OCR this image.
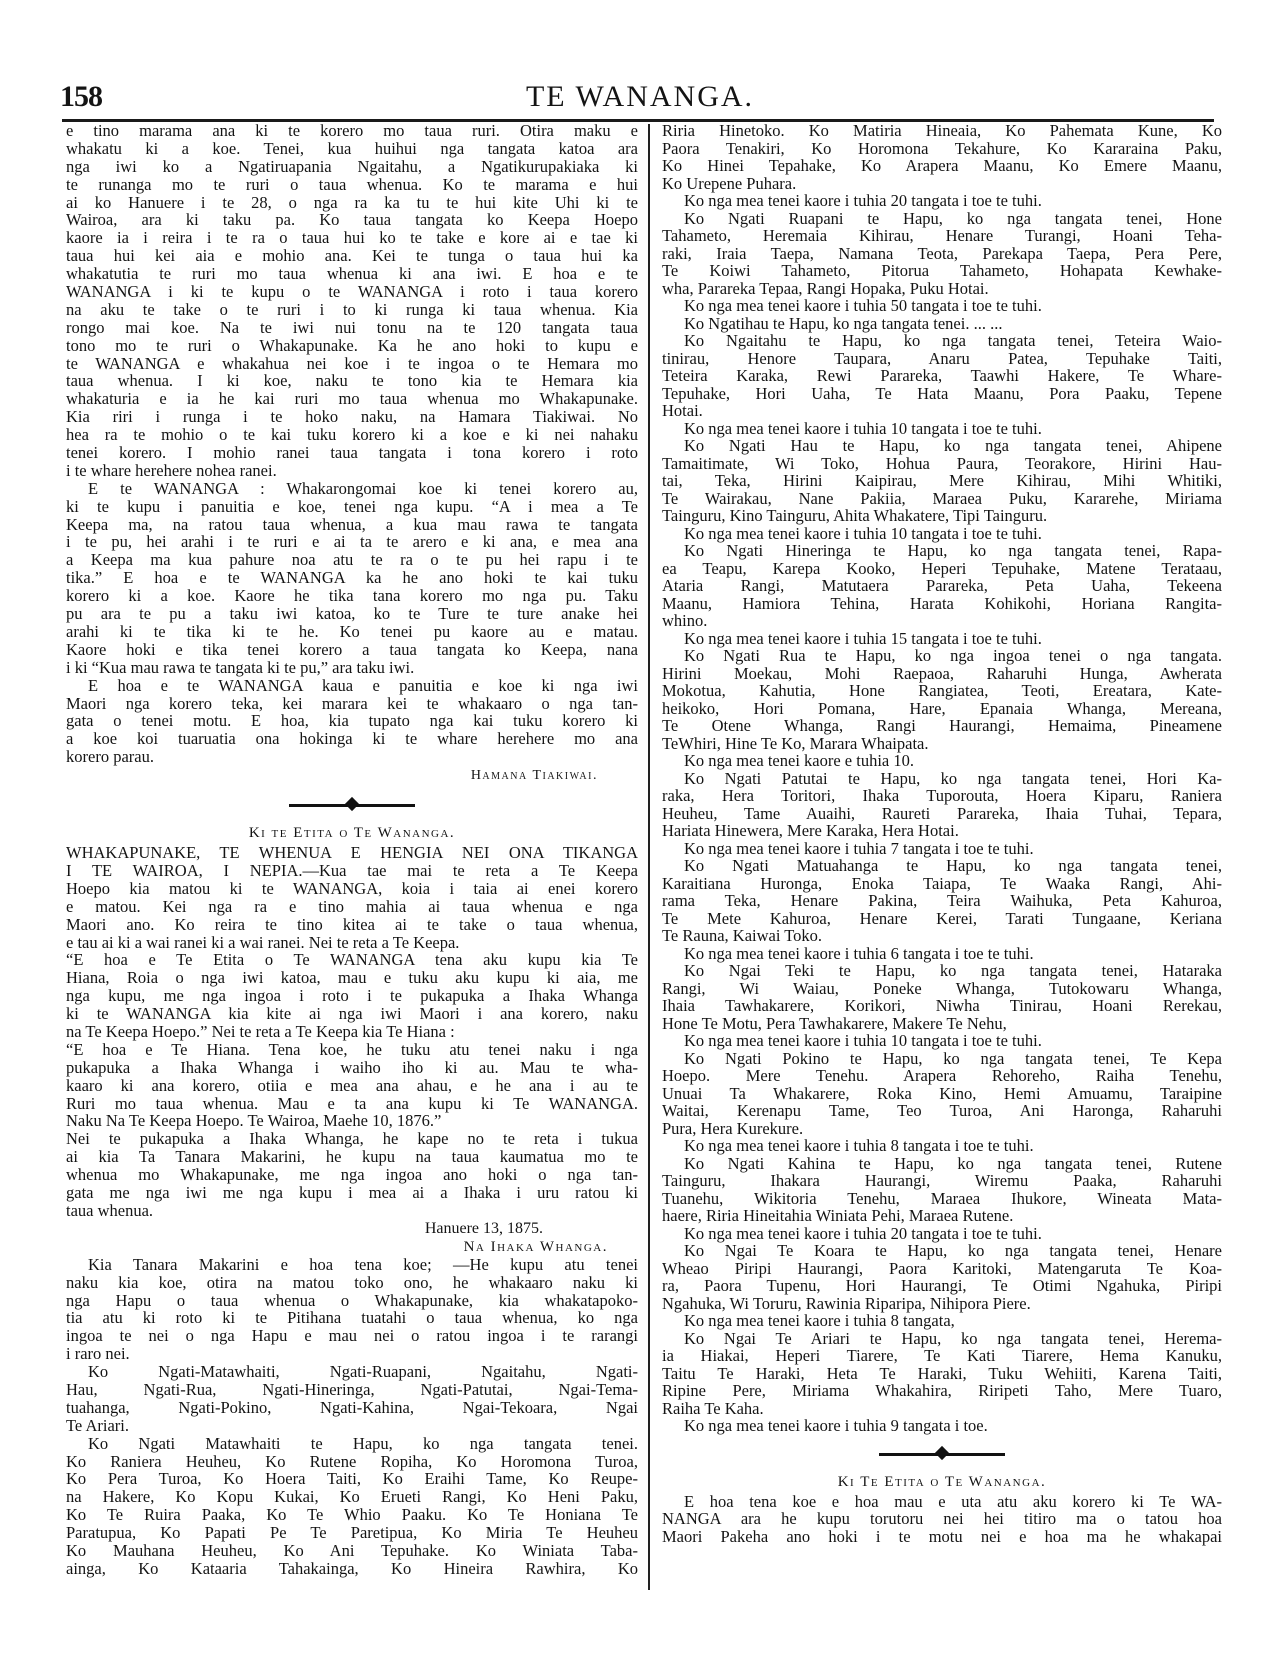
158	TE WANANGA.
e tino marama ana ki te korero mo taua ruri. Otira maku e
whakatu ki a koe. Tenei, kua huihui nga tangata katoa ara
nga iwi ko a Ngatiruapania Ngaitahu, a Ngatikurupakiaka ki
te runanga mo te ruri o taua whenua. Ko te marama e hui
ai ko Hanuere i te 28, o nga ra ka tu te hui kite Uhi ki te
Wairoa, ara ki taku pa. Ko taua tangata ko Keepa Hoepo
kaore ia i reira i te ra o taua hui ko te take e kore ai e tae ki
taua hui kei aia e mohio ana. Kei te tunga o taua hui ka
whakatutia te ruri mo taua whenua ki ana iwi. E hoa e te
WANANGA i ki te kupu o te WANANGA i roto i taua korero
na aku te take o te ruri i to ki runga ki taua whenua. Kia
rongo mai koe. Na te iwi nui tonu na te 120 tangata taua
tono mo te ruri o Whakapunake. Ka he ano hoki to kupu e
te WANANGA e whakahua nei koe i te ingoa o te Hemara mo
taua whenua. I ki koe, naku te tono kia te Hemara kia
whakaturia e ia he kai ruri mo taua whenua mo Whakapunake.
Kia riri i runga i te hoko naku, na Hamara Tiakiwai. No
hea ra te mohio o te kai tuku korero ki a koe e ki nei nahaku
tenei korero. I mohio ranei taua tangata i tona korero i roto
i te whare herehere nohea ranei.
E te WANANGA : Whakarongomai koe ki tenei korero au,
ki te kupu i panuitia e koe, tenei nga kupu. “A i mea a Te
Keepa ma, na ratou taua whenua, a kua mau rawa te tangata
i te pu, hei arahi i te ruri e ai ta te arero e ki ana, e mea ana
a Keepa ma kua pahure noa atu te ra o te pu hei rapu i te
tika.” E hoa e te WANANGA ka he ano hoki te kai tuku
korero ki a koe. Kaore he tika tana korero mo nga pu. Taku
pu ara te pu a taku iwi katoa, ko te Ture te ture anake hei
arahi ki te tika ki te he. Ko tenei pu kaore au e matau.
Kaore hoki e tika tenei korero a taua tangata ko Keepa, nana
i ki “Kua mau rawa te tangata ki te pu,” ara taku iwi.
E hoa e te WANANGA kaua e panuitia e koe ki nga iwi
Maori nga korero teka, kei marara kei te whakaaro o nga tan-
gata o tenei motu. E hoa, kia tupato nga kai tuku korero ki
a koe koi tuaruatia ona hokinga ki te whare herehere mo ana
korero parau.
Hamana Tiakiwai.
Ki te Etita o Te Wananga.
WHAKAPUNAKE, TE WHENUA E HENGIA NEI ONA TIKANGA
I TE WAIROA, I NEPIA.—Kua tae mai te reta a Te Keepa
Hoepo kia matou ki te WANANGA, koia i taia ai enei korero
e matou. Kei nga ra e tino mahia ai taua whenua e nga
Maori ano. Ko reira te tino kitea ai te take o taua whenua,
e tau ai ki a wai ranei ki a wai ranei. Nei te reta a Te Keepa.
“E hoa e Te Etita o Te WANANGA tena aku kupu kia Te
Hiana, Roia o nga iwi katoa, mau e tuku aku kupu ki aia, me
nga kupu, me nga ingoa i roto i te pukapuka a Ihaka Whanga
ki te WANANGA kia kite ai nga iwi Maori i ana korero, naku
na Te Keepa Hoepo.” Nei te reta a Te Keepa kia Te Hiana :
“E hoa e Te Hiana. Tena koe, he tuku atu tenei naku i nga
pukapuka a Ihaka Whanga i waiho iho ki au. Mau te wha-
kaaro ki ana korero, otiia e mea ana ahau, e he ana i au te
Ruri mo taua whenua. Mau e ta ana kupu ki Te WANANGA.
Naku Na Te Keepa Hoepo. Te Wairoa, Maehe 10, 1876.”
Nei te pukapuka a Ihaka Whanga, he kape no te reta i tukua
ai kia Ta Tanara Makarini, he kupu na taua kaumatua mo te
whenua mo Whakapunake, me nga ingoa ano hoki o nga tan-
gata me nga iwi me nga kupu i mea ai a Ihaka i uru ratou ki
taua whenua.
Hanuere 13, 1875.
Na Ihaka Whanga.
Kia Tanara Makarini e hoa tena koe; —He kupu atu tenei
naku kia koe, otira na matou toko ono, he whakaaro naku ki
nga Hapu o taua whenua o Whakapunake, kia whakatapoko-
tia atu ki roto ki te Pitihana tuatahi o taua whenua, ko nga
ingoa te nei o nga Hapu e mau nei o ratou ingoa i te rarangi
i raro nei.
Ko Ngati-Matawhaiti, Ngati-Ruapani, Ngaitahu, Ngati-
Hau, Ngati-Rua, Ngati-Hineringa, Ngati-Patutai, Ngai-Tema-
tuahanga, Ngati-Pokino, Ngati-Kahina, Ngai-Tekoara, Ngai
Te Ariari.
Ko Ngati Matawhaiti te Hapu, ko nga tangata tenei.
Ko Raniera Heuheu, Ko Rutene Ropiha, Ko Horomona Turoa,
Ko Pera Turoa, Ko Hoera Taiti, Ko Eraihi Tame, Ko Reupe-
na Hakere, Ko Kopu Kukai, Ko Erueti Rangi, Ko Heni Paku,
Ko Te Ruira Paaka, Ko Te Whio Paaku. Ko Te Honiana Te
Paratupua, Ko Papati Pe Te Paretipua, Ko Miria Te Heuheu
Ko Mauhana Heuheu, Ko Ani Tepuhake. Ko Winiata Taba-
ainga, Ko Kataaria Tahakainga, Ko Hineira Rawhira, Ko
Riria Hinetoko. Ko Matiria Hineaia, Ko Pahemata Kune, Ko
Paora Tenakiri, Ko Horomona Tekahure, Ko Kararaina Paku,
Ko Hinei Tepahake, Ko Arapera Maanu, Ko Emere Maanu,
Ko Urepene Puhara.
Ko nga mea tenei kaore i tuhia 20 tangata i toe te tuhi.
Ko Ngati Ruapani te Hapu, ko nga tangata tenei, Hone
Tahameto, Heremaia Kihirau, Henare Turangi, Hoani Teha-
raki, Iraia Taepa, Namana Teota, Parekapa Taepa, Pera Pere,
Te Koiwi Tahameto, Pitorua Tahameto, Hohapata Kewhake-
wha, Parareka Tepaa, Rangi Hopaka, Puku Hotai.
Ko nga mea tenei kaore i tuhia 50 tangata i toe te tuhi.
Ko Ngatihau te Hapu, ko nga tangata tenei. ... ...
Ko Ngaitahu te Hapu, ko nga tangata tenei, Teteira Waio-
tinirau, Henore Taupara, Anaru Patea, Tepuhake Taiti,
Teteira Karaka, Rewi Parareka, Taawhi Hakere, Te Whare-
Tepuhake, Hori Uaha, Te Hata Maanu, Pora Paaku, Tepene
Hotai.
Ko nga mea tenei kaore i tuhia 10 tangata i toe te tuhi.
Ko Ngati Hau te Hapu, ko nga tangata tenei, Ahipene
Tamaitimate, Wi Toko, Hohua Paura, Teorakore, Hirini Hau-
tai, Teka, Hirini Kaipirau, Mere Kihirau, Mihi Whitiki,
Te Wairakau, Nane Pakiia, Maraea Puku, Kararehe, Miriama
Tainguru, Kino Tainguru, Ahita Whakatere, Tipi Tainguru.
Ko nga mea tenei kaore i tuhia 10 tangata i toe te tuhi.
Ko Ngati Hineringa te Hapu, ko nga tangata tenei, Rapa-
ea Teapu, Karepa Kooko, Heperi Tepuhake, Matene Terataau,
Ataria Rangi, Matutaera Parareka, Peta Uaha, Tekeena
Maanu, Hamiora Tehina, Harata Kohikohi, Horiana Rangita-
whino.
Ko nga mea tenei kaore i tuhia 15 tangata i toe te tuhi.
Ko Ngati Rua te Hapu, ko nga ingoa tenei o nga tangata.
Hirini Moekau, Mohi Raepaoa, Raharuhi Hunga, Awherata
Mokotua, Kahutia, Hone Rangiatea, Teoti, Ereatara, Kate-
heikoko, Hori Pomana, Hare, Epanaia Whanga, Mereana,
Te Otene Whanga, Rangi Haurangi, Hemaima, Pineamene
TeWhiri, Hine Te Ko, Marara Whaipata.
Ko nga mea tenei kaore e tuhia 10.
Ko Ngati Patutai te Hapu, ko nga tangata tenei, Hori Ka-
raka, Hera Toritori, Ihaka Tuporouta, Hoera Kiparu, Raniera
Heuheu, Tame Auaihi, Raureti Parareka, Ihaia Tuhai, Tepara,
Hariata Hinewera, Mere Karaka, Hera Hotai.
Ko nga mea tenei kaore i tuhia 7 tangata i toe te tuhi.
Ko Ngati Matuahanga te Hapu, ko nga tangata tenei,
Karaitiana Huronga, Enoka Taiapa, Te Waaka Rangi, Ahi-
rama Teka, Henare Pakina, Teira Waihuka, Peta Kahuroa,
Te Mete Kahuroa, Henare Kerei, Tarati Tungaane, Keriana
Te Rauna, Kaiwai Toko.
Ko nga mea tenei kaore i tuhia 6 tangata i toe te tuhi.
Ko Ngai Teki te Hapu, ko nga tangata tenei, Hataraka
Rangi, Wi Waiau, Poneke Whanga, Tutokowaru Whanga,
Ihaia Tawhakarere, Korikori, Niwha Tinirau, Hoani Rerekau,
Hone Te Motu, Pera Tawhakarere, Makere Te Nehu,
Ko nga mea tenei kaore i tuhia 10 tangata i toe te tuhi.
Ko Ngati Pokino te Hapu, ko nga tangata tenei, Te Kepa
Hoepo. Mere Tenehu. Arapera Rehoreho, Raiha Tenehu,
Unuai Ta Whakarere, Roka Kino, Hemi Amuamu, Taraipine
Waitai, Kerenapu Tame, Teo Turoa, Ani Haronga, Raharuhi
Pura, Hera Kurekure.
Ko nga mea tenei kaore i tuhia 8 tangata i toe te tuhi.
Ko Ngati Kahina te Hapu, ko nga tangata tenei, Rutene
Tainguru, Ihakara Haurangi, Wiremu Paaka, Raharuhi
Tuanehu, Wikitoria Tenehu, Maraea Ihukore, Wineata Mata-
haere, Riria Hineitahia Winiata Pehi, Maraea Rutene.
Ko nga mea tenei kaore i tuhia 20 tangata i toe te tuhi.
Ko Ngai Te Koara te Hapu, ko nga tangata tenei, Henare
Wheao Piripi Haurangi, Paora Karitoki, Matengaruta Te Koa-
ra, Paora Tupenu, Hori Haurangi, Te Otimi Ngahuka, Piripi
Ngahuka, Wi Toruru, Rawinia Riparipa, Nihipora Piere.
Ko nga mea tenei kaore i tuhia 8 tangata,
Ko Ngai Te Ariari te Hapu, ko nga tangata tenei, Herema-
ia Hiakai, Heperi Tiarere, Te Kati Tiarere, Hema Kanuku,
Taitu Te Haraki, Heta Te Haraki, Tuku Wehiiti, Karena Taiti,
Ripine Pere, Miriama Whakahira, Riripeti Taho, Mere Tuaro,
Raiha Te Kaha.
Ko nga mea tenei kaore i tuhia 9 tangata i toe.
Ki Te Etita o Te Wananga.
E hoa tena koe e hoa mau e uta atu aku korero ki Te WA-
NANGA ara he kupu torutoru nei hei titiro ma o tatou hoa
Maori Pakeha ano hoki i te motu nei e hoa ma he whakapai
